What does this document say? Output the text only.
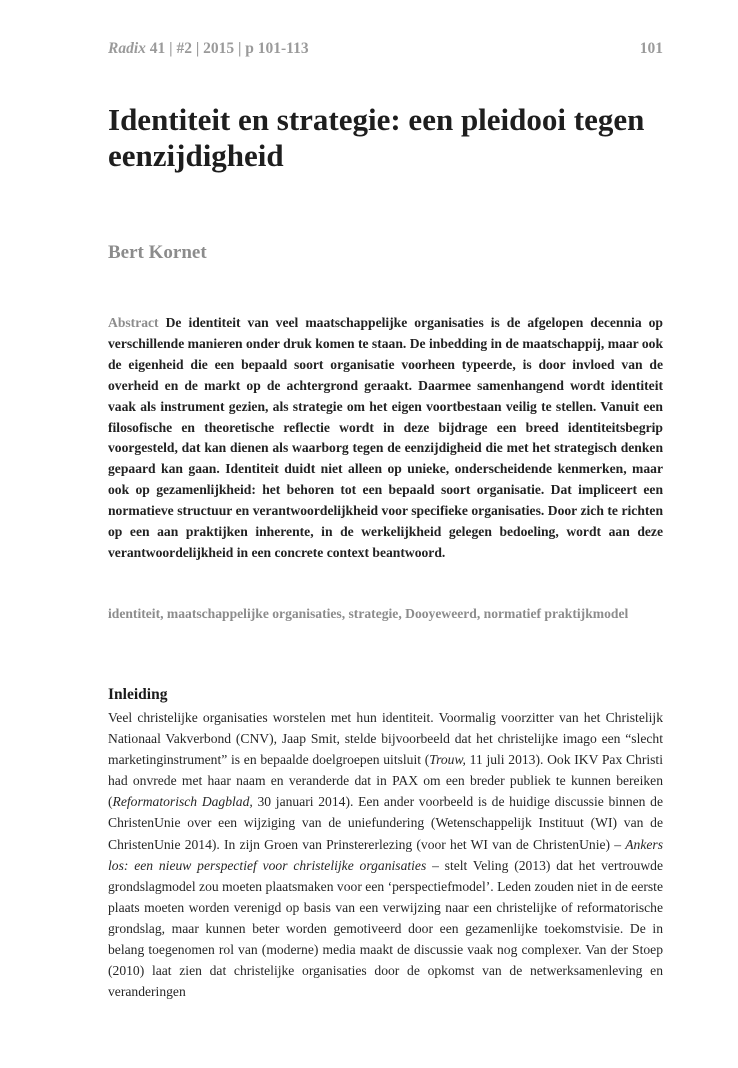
Radix 41 | #2 | 2015 | p 101-113	101
Identiteit en strategie: een pleidooi tegen eenzijdigheid

Bert Kornet

Abstract De identiteit van veel maatschappelijke organisaties is de afgelopen decennia op verschillende manieren onder druk komen te staan. De inbedding in de maatschappij, maar ook de eigenheid die een bepaald soort organisatie voorheen typeerde, is door invloed van de overheid en de markt op de achtergrond geraakt. Daarmee samenhangend wordt identiteit vaak als instrument gezien, als strategie om het eigen voortbestaan veilig te stellen. Vanuit een filosofische en theoretische reflectie wordt in deze bijdrage een breed identiteitsbegrip voorgesteld, dat kan dienen als waarborg tegen de eenzijdigheid die met het strategisch denken gepaard kan gaan. Identiteit duidt niet alleen op unieke, onderscheidende kenmerken, maar ook op gezamenlijkheid: het behoren tot een bepaald soort organisatie. Dat impliceert een normatieve structuur en verantwoordelijkheid voor specifieke organisaties. Door zich te richten op een aan praktijken inherente, in de werkelijkheid gelegen bedoeling, wordt aan deze verantwoordelijkheid in een concrete context beantwoord.

identiteit, maatschappelijke organisaties, strategie, Dooyeweerd, normatief praktijkmodel

Inleiding

Veel christelijke organisaties worstelen met hun identiteit. Voormalig voorzitter van het Christelijk Nationaal Vakverbond (CNV), Jaap Smit, stelde bijvoorbeeld dat het christelijke imago een “slecht marketinginstrument” is en bepaalde doelgroepen uitsluit (Trouw, 11 juli 2013). Ook IKV Pax Christi had onvrede met haar naam en veranderde dat in PAX om een breder publiek te kunnen bereiken (Reformatorisch Dagblad, 30 januari 2014). Een ander voorbeeld is de huidige discussie binnen de ChristenUnie over een wijziging van de uniefundering (Wetenschappelijk Instituut (WI) van de ChristenUnie 2014). In zijn Groen van Prinstererlezing (voor het WI van de ChristenUnie) – Ankers los: een nieuw perspectief voor christelijke organisaties – stelt Veling (2013) dat het vertrouwde grondslagmodel zou moeten plaatsmaken voor een ‘perspectiefmodel’. Leden zouden niet in de eerste plaats moeten worden verenigd op basis van een verwijzing naar een christelijke of reformatorische grondslag, maar kunnen beter worden gemotiveerd door een gezamenlijke toekomstvisie. De in belang toegenomen rol van (moderne) media maakt de discussie vaak nog complexer. Van der Stoep (2010) laat zien dat christelijke organisaties door de opkomst van de netwerksamenleving en veranderingen
